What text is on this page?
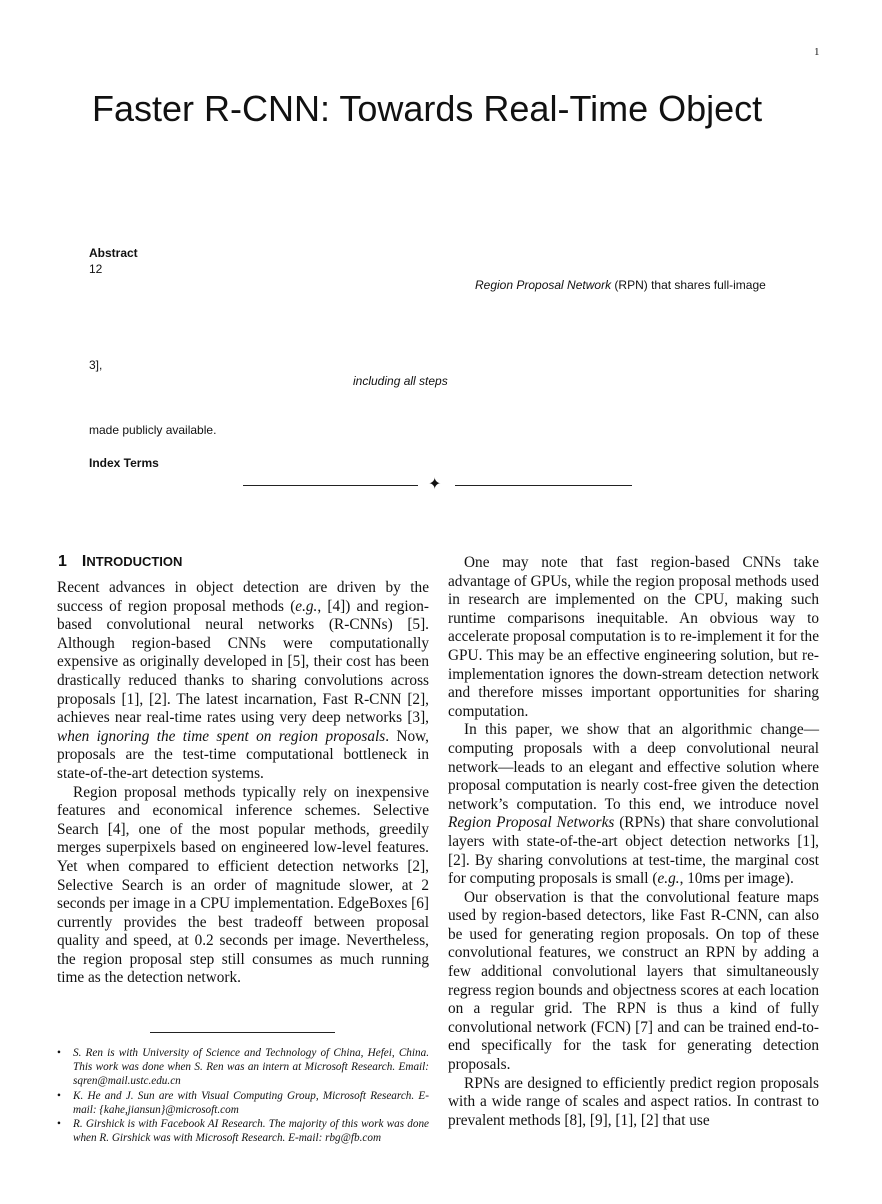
1
Faster R-CNN: Towards Real-Time Object
Abstract
12
Region Proposal Network (RPN) that shares full-image
3],
including all steps
made publicly available.
Index Terms
✦
1 INTRODUCTION

Recent advances in object detection are driven by the success of region proposal methods (e.g., [4]) and region-based convolutional neural networks (R-CNNs) [5]. Although region-based CNNs were computationally expensive as originally developed in [5], their cost has been drastically reduced thanks to sharing convolutions across proposals [1], [2]. The latest incarnation, Fast R-CNN [2], achieves near real-time rates using very deep networks [3], when ignoring the time spent on region proposals. Now, proposals are the test-time computational bottleneck in state-of-the-art detection systems.

Region proposal methods typically rely on inexpensive features and economical inference schemes. Selective Search [4], one of the most popular methods, greedily merges superpixels based on engineered low-level features. Yet when compared to efficient detection networks [2], Selective Search is an order of magnitude slower, at 2 seconds per image in a CPU implementation. EdgeBoxes [6] currently provides the best tradeoff between proposal quality and speed, at 0.2 seconds per image. Nevertheless, the region proposal step still consumes as much running time as the detection network.

• S. Ren is with University of Science and Technology of China, Hefei, China. This work was done when S. Ren was an intern at Microsoft Research. Email: sqren@mail.ustc.edu.cn

• K. He and J. Sun are with Visual Computing Group, Microsoft Research. E-mail: {kahe,jiansun}@microsoft.com

• R. Girshick is with Facebook AI Research. The majority of this work was done when R. Girshick was with Microsoft Research. E-mail: rbg@fb.com

One may note that fast region-based CNNs take advantage of GPUs, while the region proposal methods used in research are implemented on the CPU, making such runtime comparisons inequitable. An obvious way to accelerate proposal computation is to re-implement it for the GPU. This may be an effective engineering solution, but re-implementation ignores the down-stream detection network and therefore misses important opportunities for sharing computation.

In this paper, we show that an algorithmic change—computing proposals with a deep convolutional neural network—leads to an elegant and effective solution where proposal computation is nearly cost-free given the detection network’s computation. To this end, we introduce novel Region Proposal Networks (RPNs) that share convolutional layers with state-of-the-art object detection networks [1], [2]. By sharing convolutions at test-time, the marginal cost for computing proposals is small (e.g., 10ms per image).

Our observation is that the convolutional feature maps used by region-based detectors, like Fast R-CNN, can also be used for generating region proposals. On top of these convolutional features, we construct an RPN by adding a few additional convolutional layers that simultaneously regress region bounds and objectness scores at each location on a regular grid. The RPN is thus a kind of fully convolutional network (FCN) [7] and can be trained end-to-end specifically for the task for generating detection proposals.

RPNs are designed to efficiently predict region proposals with a wide range of scales and aspect ratios. In contrast to prevalent methods [8], [9], [1], [2] that use
